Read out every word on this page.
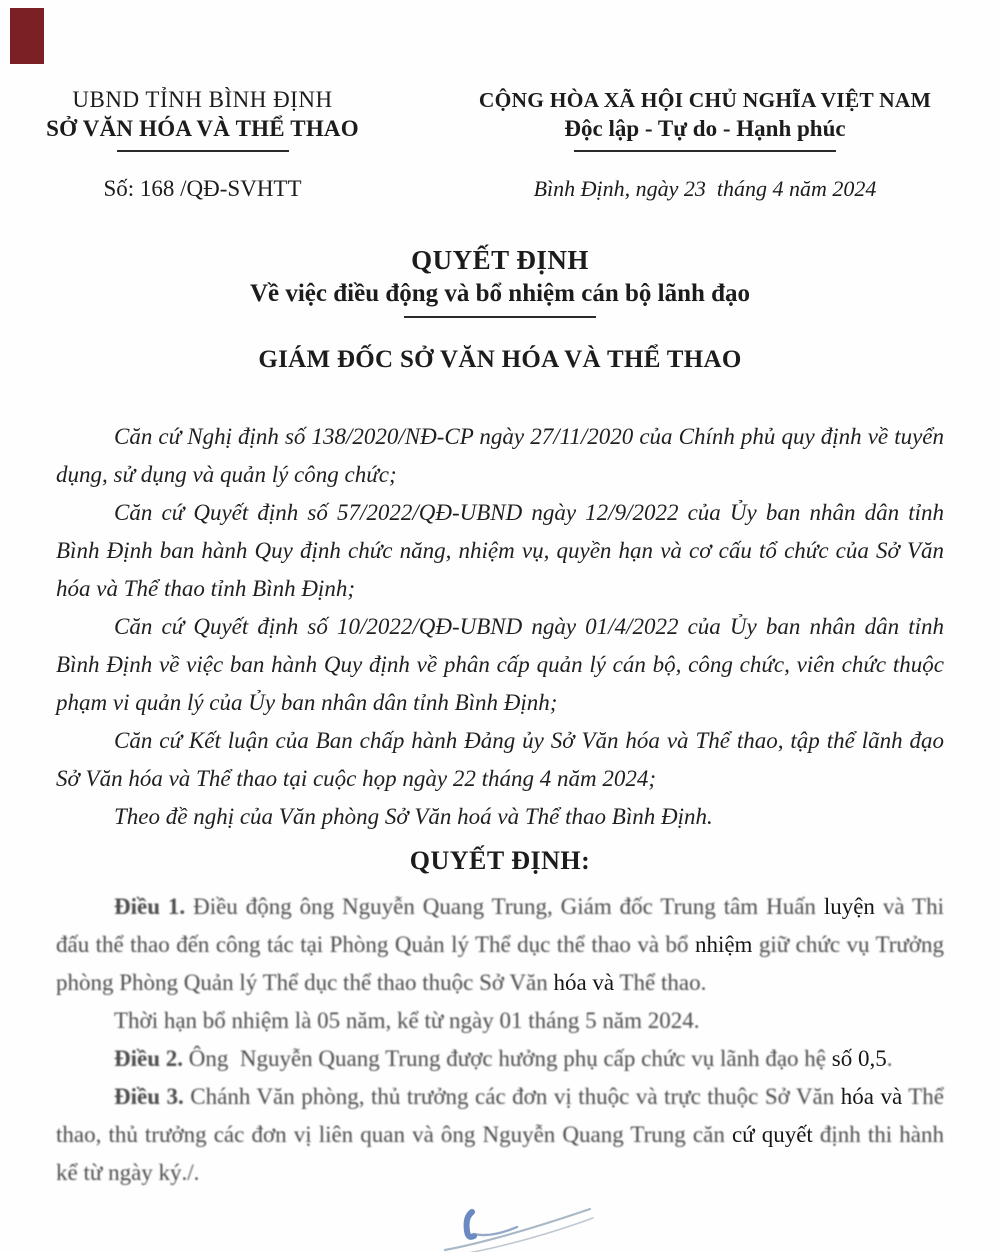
UBND TỈNH BÌNH ĐỊNH
SỞ VĂN HÓA VÀ THỂ THAO
Số: 168 /QĐ-SVHTT
CỘNG HÒA XÃ HỘI CHỦ NGHĨA VIỆT NAM
Độc lập - Tự do - Hạnh phúc
Bình Định, ngày 23  tháng 4 năm 2024
QUYẾT ĐỊNH
Về việc điều động và bổ nhiệm cán bộ lãnh đạo
GIÁM ĐỐC SỞ VĂN HÓA VÀ THỂ THAO

Căn cứ Nghị định số 138/2020/NĐ-CP ngày 27/11/2020 của Chính phủ quy định về tuyển dụng, sử dụng và quản lý công chức;

Căn cứ Quyết định số 57/2022/QĐ-UBND ngày 12/9/2022 của Ủy ban nhân dân tỉnh Bình Định ban hành Quy định chức năng, nhiệm vụ, quyền hạn và cơ cấu tổ chức của Sở Văn hóa và Thể thao tỉnh Bình Định;

Căn cứ Quyết định số 10/2022/QĐ-UBND ngày 01/4/2022 của Ủy ban nhân dân tỉnh Bình Định về việc ban hành Quy định về phân cấp quản lý cán bộ, công chức, viên chức thuộc phạm vi quản lý của Ủy ban nhân dân tỉnh Bình Định;

Căn cứ Kết luận của Ban chấp hành Đảng ủy Sở Văn hóa và Thể thao, tập thể lãnh đạo Sở Văn hóa và Thể thao tại cuộc họp ngày 22 tháng 4 năm 2024;

Theo đề nghị của Văn phòng Sở Văn hoá và Thể thao Bình Định.

QUYẾT ĐỊNH:

Điều 1. Điều động ông Nguyễn Quang Trung, Giám đốc Trung tâm Huấn luyện và Thi đấu thể thao đến công tác tại Phòng Quản lý Thể dục thể thao và bổ nhiệm giữ chức vụ Trưởng phòng Phòng Quản lý Thể dục thể thao thuộc Sở Văn hóa và Thể thao.

Thời hạn bổ nhiệm là 05 năm, kể từ ngày 01 tháng 5 năm 2024.

Điều 2. Ông  Nguyễn Quang Trung được hưởng phụ cấp chức vụ lãnh đạo hệ số 0,5.

Điều 3. Chánh Văn phòng, thủ trưởng các đơn vị thuộc và trực thuộc Sở Văn hóa và Thể thao, thủ trưởng các đơn vị liên quan và ông Nguyễn Quang Trung căn cứ quyết định thi hành kể từ ngày ký./.
